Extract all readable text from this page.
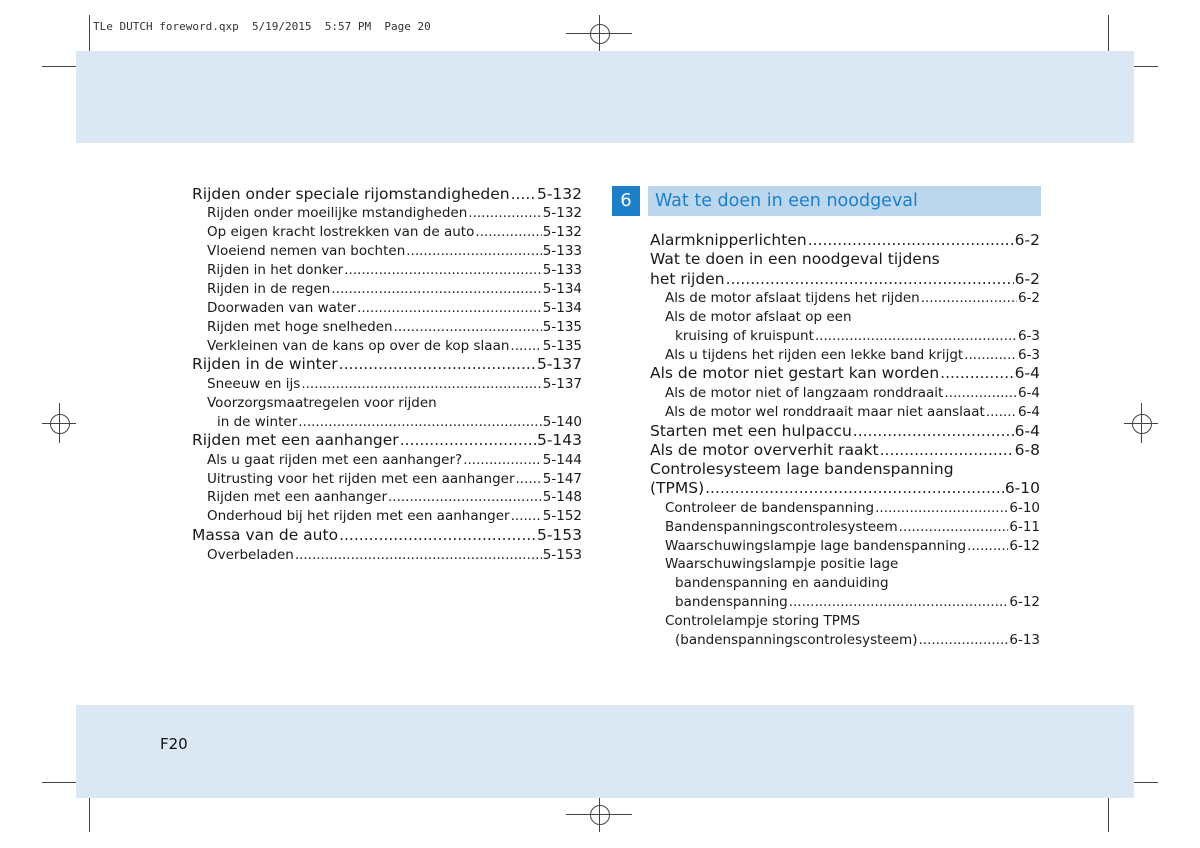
TLe DUTCH foreword.qxp  5/19/2015  5:57 PM  Page 20
F20
6	Wat te doen in een noodgeval
Rijden onder speciale rijomstandigheden ..... 5-132
Rijden onder moeilijke mstandigheden .....	5-132
Op eigen kracht lostrekken van de auto .....	5-132
Vloeiend nemen van bochten .....	5-133
Rijden in het donker .....	5-133
Rijden in de regen .....	5-134
Doorwaden van water .....	5-134
Rijden met hoge snelheden .....	5-135
Verkleinen van de kans op over de kop slaan ..... 5-135
Rijden in de winter .....	5-137
Sneeuw en ijs .....	5-137
Voorzorgsmaatregelen voor rijden
in de winter .....	5-140
Rijden met een aanhanger .....	5-143
Als u gaat rijden met een aanhanger? .....	5-144
Uitrusting voor het rijden met een aanhanger ..... 5-147
Rijden met een aanhanger .....	5-148
Onderhoud bij het rijden met een aanhanger ..... 5-152
Massa van de auto .....	5-153
Overbeladen .....	5-153
Alarmknipperlichten .....	6-2
Wat te doen in een noodgeval tijdens
het rijden .....	6-2
Als de motor afslaat tijdens het rijden .....	6-2
Als de motor afslaat op een
kruising of kruispunt .....	6-3
Als u tijdens het rijden een lekke band krijgt .....	6-3
Als de motor niet gestart kan worden .....	6-4
Als de motor niet of langzaam ronddraait .....	6-4
Als de motor wel ronddraait maar niet aanslaat ..... 6-4
Starten met een hulpaccu .....	6-4
Als de motor oververhit raakt .....	6-8
Controlesysteem lage bandenspanning
(TPMS) .....	6-10
Controleer de bandenspanning .....	6-10
Bandenspanningscontrolesysteem .....	6-11
Waarschuwingslampje lage bandenspanning .....	6-12
Waarschuwingslampje positie lage
bandenspanning en aanduiding
bandenspanning .....	6-12
Controlelampje storing TPMS
(bandenspanningscontrolesysteem) .....	6-13
